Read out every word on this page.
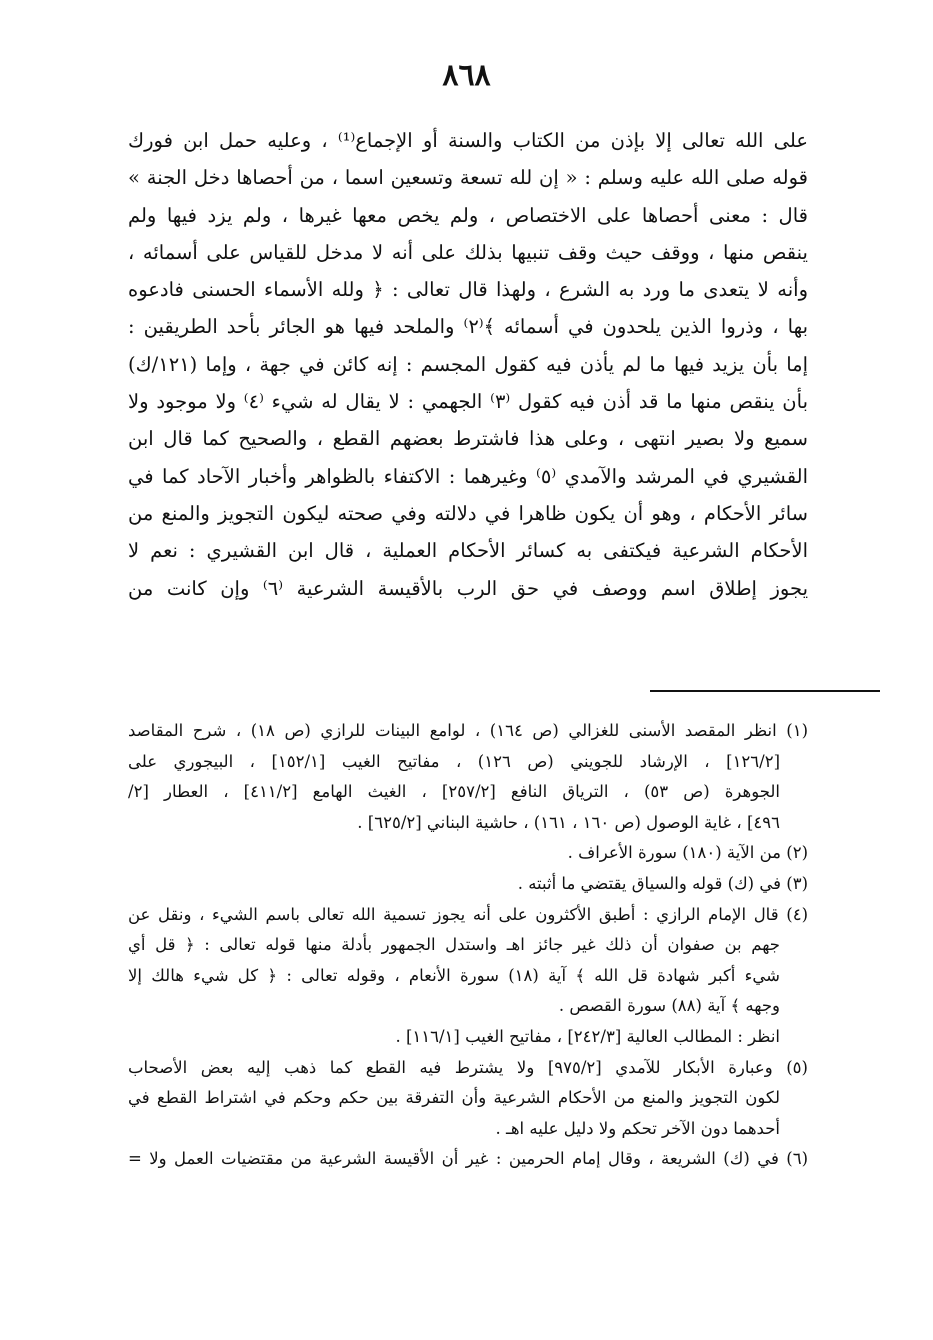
٨٦٨
على الله تعالى إلا بإذن من الكتاب والسنة أو الإجماع⁽¹⁾ ، وعليه حمل ابن فورك
قوله صلى الله عليه وسلم : « إن لله تسعة وتسعين اسما ، من أحصاها دخل الجنة »
قال : معنى أحصاها على الاختصاص ، ولم يخص معها غيرها ، ولم يزد فيها ولم
ينقص منها ، ووقف حيث وقف تنبيها بذلك على أنه لا مدخل للقياس على أسمائه ،
وأنه لا يتعدى ما ورد به الشرع ، ولهذا قال تعالى : ﴿ ولله الأسماء الحسنى فادعوه
بها ، وذروا الذين يلحدون في أسمائه ﴾⁽٢⁾ والملحد فيها هو الجائر بأحد الطريقين :
إما بأن يزيد فيها ما لم يأذن فيه كقول المجسم : إنه كائن في جهة ، وإما (١٢١/ك)
بأن ينقص منها ما قد أذن فيه كقول ⁽٣⁾ الجهمي : لا يقال له شيء ⁽٤⁾ ولا موجود ولا
سميع ولا بصير انتهى ، وعلى هذا فاشترط بعضهم القطع ، والصحيح كما قال ابن
القشيري في المرشد والآمدي ⁽٥⁾ وغيرهما : الاكتفاء بالظواهر وأخبار الآحاد كما في
سائر الأحكام ، وهو أن يكون ظاهرا في دلالته وفي صحته ليكون التجويز والمنع من
الأحكام الشرعية فيكتفى به كسائر الأحكام العملية ، قال ابن القشيري : نعم لا
يجوز إطلاق اسم ووصف في حق الرب بالأقيسة الشرعية ⁽٦⁾ وإن كانت من
(١) انظر المقصد الأسنى للغزالي (ص ١٦٤) ، لوامع البينات للرازي (ص ١٨) ، شرح المقاصد
[١٢٦/٢] ، الإرشاد للجويني (ص ١٢٦) ، مفاتيح الغيب [١٥٢/١] ، البيجوري على
الجوهرة (ص ٥٣) ، الترياق النافع [٢٥٧/٢] ، الغيث الهامع [٤١١/٢] ، العطار [٢/
٤٩٦] ، غاية الوصول (ص ١٦٠ ، ١٦١) ، حاشية البناني [٦٢٥/٢] .
(٢) من الآية (١٨٠) سورة الأعراف .
(٣) في (ك) قوله والسياق يقتضي ما أثبته .
(٤) قال الإمام الرازي : أطبق الأكثرون على أنه يجوز تسمية الله تعالى باسم الشيء ، ونقل عن
جهم بن صفوان أن ذلك غير جائز اهـ واستدل الجمهور بأدلة منها قوله تعالى : ﴿ قل أي
شيء أكبر شهادة قل الله ﴾ آية (١٨) سورة الأنعام ، وقوله تعالى : ﴿ كل شيء هالك إلا
وجهه ﴾ آية (٨٨) سورة القصص .
انظر : المطالب العالية [٢٤٢/٣] ، مفاتيح الغيب [١١٦/١] .
(٥) وعبارة الأبكار للآمدي [٩٧٥/٢] ولا يشترط فيه القطع كما ذهب إليه بعض الأصحاب
لكون التجويز والمنع من الأحكام الشرعية وأن التفرقة بين حكم وحكم في اشتراط القطع في
أحدهما دون الآخر تحكم ولا دليل عليه اهـ .
(٦) في (ك) الشريعة ، وقال إمام الحرمين : غير أن الأقيسة الشرعية من مقتضيات العمل ولا =
